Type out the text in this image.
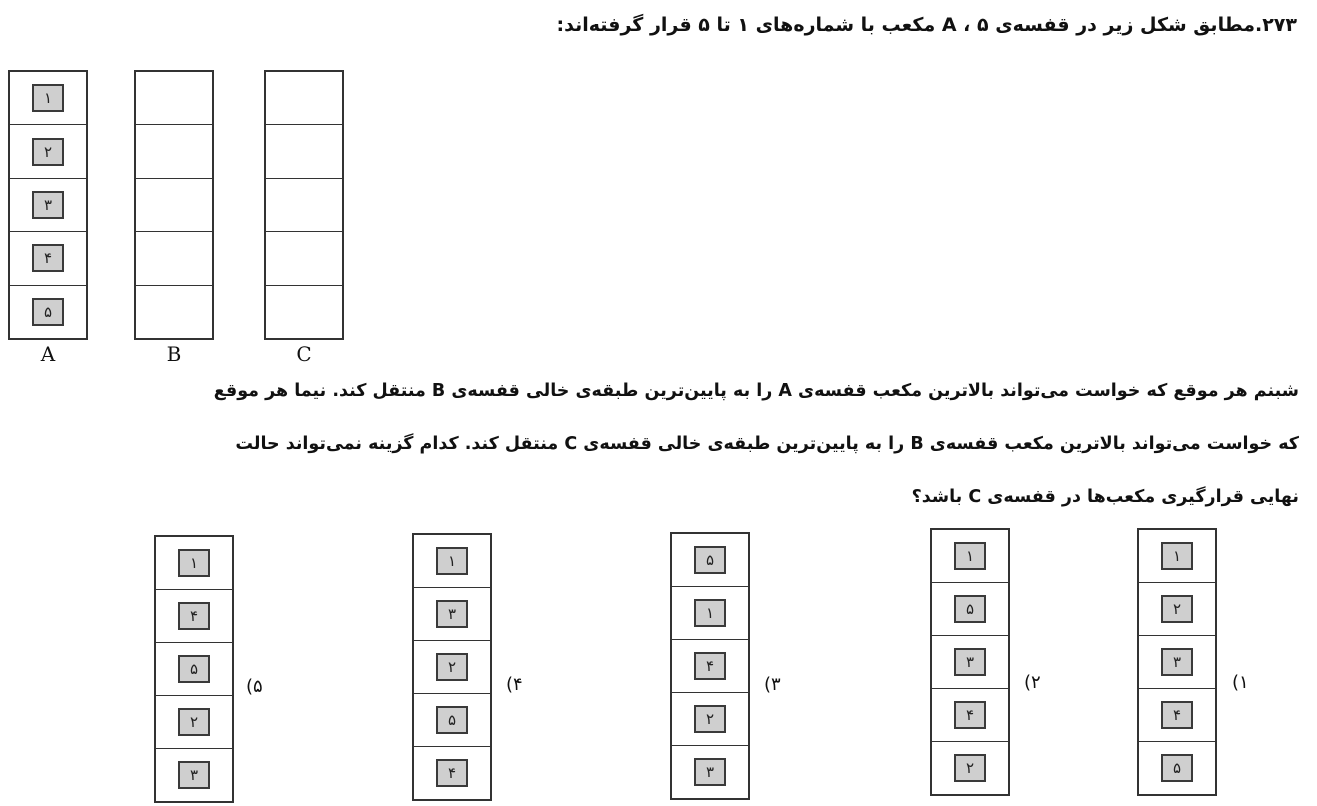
۲۷۳.مطابق شکل زیر در قفسه‌ی A ، ۵ مکعب با شماره‌های ۱ تا ۵ قرار گرفته‌اند:
۱
۲
۳
۴
۵
A	B	C
شبنم هر موقع که خواست می‌تواند بالاترین مکعب قفسه‌ی A را به پایین‌ترین طبقه‌ی خالی قفسه‌ی B منتقل کند. نیما هر موقع
که خواست می‌تواند بالاترین مکعب قفسه‌ی B را به پایین‌ترین طبقه‌ی خالی قفسه‌ی C منتقل کند. کدام گزینه نمی‌تواند حالت
نهایی قرارگیری مکعب‌ها در قفسه‌ی C باشد؟
۱
۲
۳
۴
۵
۱
۵
۳
۴
۲
۵
۱
۴
۲
۳
۱
۳
۲
۵
۴
۱
۴
۵
۲
۳
(۱
(۲
(۳
(۴
(۵
